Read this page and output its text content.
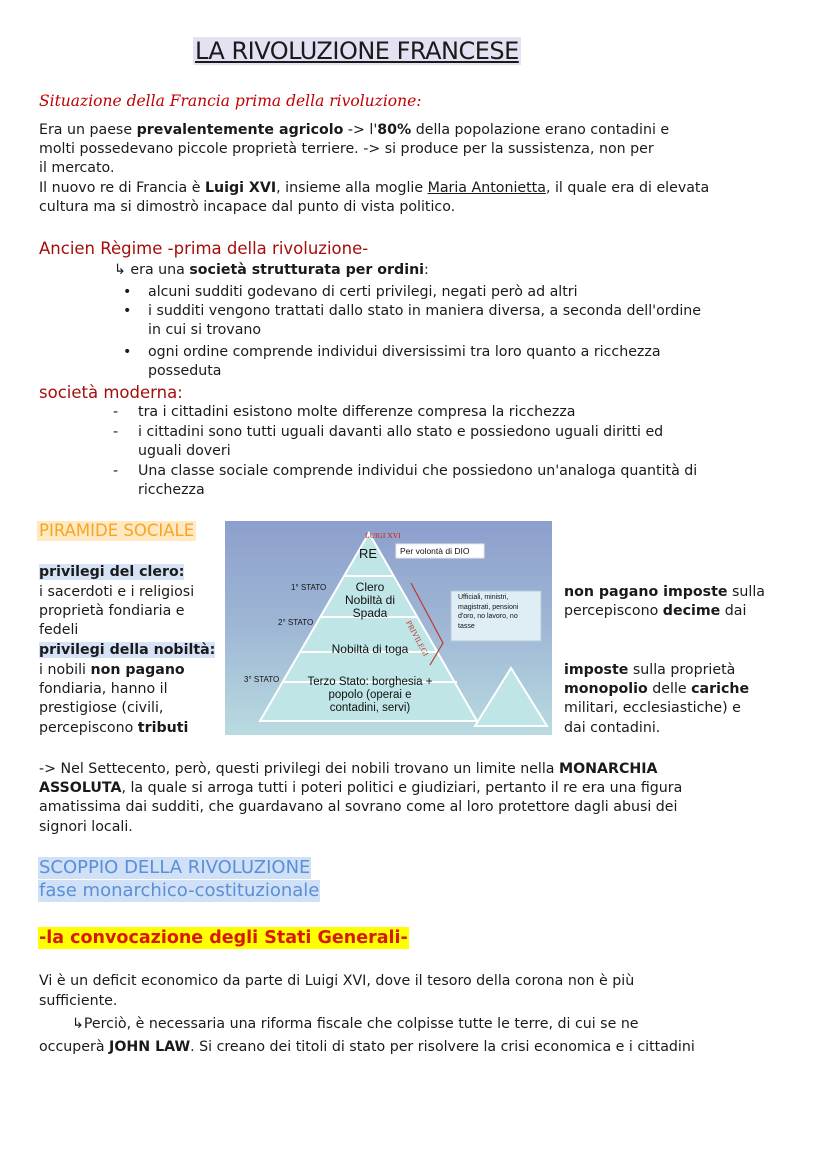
LA RIVOLUZIONE FRANCESE
Situazione della Francia prima della rivoluzione:
Era un paese prevalentemente agricolo -> l'80% della popolazione erano contadini e
molti possedevano piccole proprietà terriere. -> si produce per la sussistenza, non per
il mercato.
Il nuovo re di Francia è Luigi XVI, insieme alla moglie Maria Antonietta, il quale era di elevata
cultura ma si dimostrò incapace dal punto di vista politico.
Ancien Règime -prima della rivoluzione-
↳ era una società strutturata per ordini:
• alcuni sudditi godevano di certi privilegi, negati però ad altri
• i sudditi vengono trattati dallo stato in maniera diversa, a seconda dell'ordine
in cui si trovano
• ogni ordine comprende individui diversissimi tra loro quanto a ricchezza
posseduta
società moderna:
- tra i cittadini esistono molte differenze compresa la ricchezza
- i cittadini sono tutti uguali davanti allo stato e possiedono uguali diritti ed
uguali doveri
- Una classe sociale comprende individui che possiedono un'analoga quantità di
ricchezza
PIRAMIDE SOCIALE
privilegi del clero:
i sacerdoti e i religiosi
proprietà fondiaria e
fedeli
privilegi della nobiltà:
i nobili non pagano
fondiaria, hanno il
prestigiose (civili,
percepiscono tributi
non pagano imposte sulla
percepiscono decime dai
imposte sulla proprietà
monopolio delle cariche
militari, ecclesiastiche) e
dai contadini.
LUIGI XVI
RE	Per volontà di DIO
1° STATO
2° STATO
3° STATO
Clero
Nobiltà di
Spada
PRIVILEGI
Ufficiali, ministri,
magistrati, pensioni
d'oro, no lavoro, no
tasse
Nobiltà di toga
Terzo Stato: borghesia +
popolo (operai e
contadini, servi)
-> Nel Settecento, però, questi privilegi dei nobili trovano un limite nella MONARCHIA
ASSOLUTA, la quale si arroga tutti i poteri politici e giudiziari, pertanto il re era una figura
amatissima dai sudditi, che guardavano al sovrano come al loro protettore dagli abusi dei
signori locali.
SCOPPIO DELLA RIVOLUZIONE
fase monarchico-costituzionale
-la convocazione degli Stati Generali-
Vi è un deficit economico da parte di Luigi XVI, dove il tesoro della corona non è più
sufficiente.
↳Perciò, è necessaria una riforma fiscale che colpisse tutte le terre, di cui se ne
occuperà JOHN LAW. Si creano dei titoli di stato per risolvere la crisi economica e i cittadini
